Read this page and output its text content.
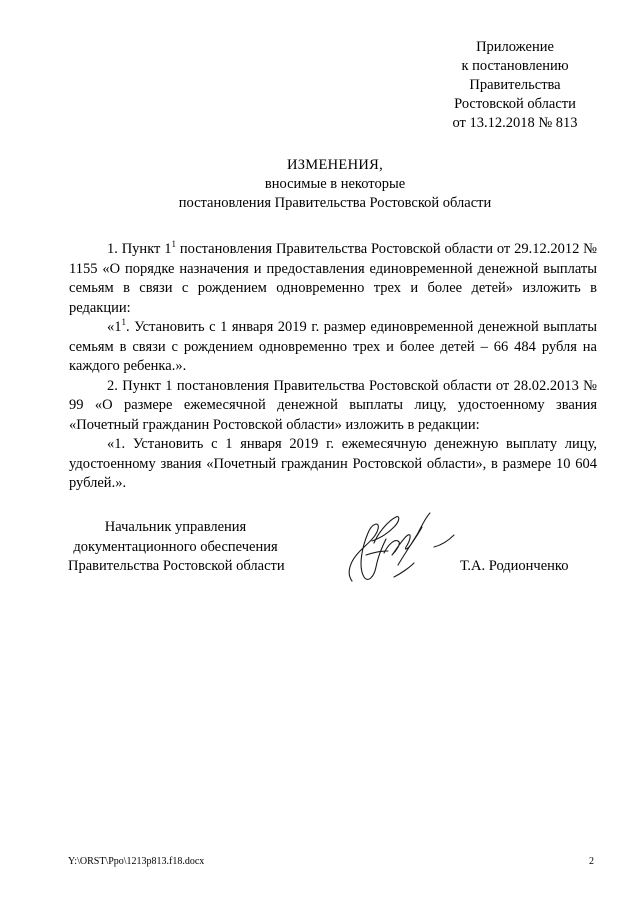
Приложение
к постановлению
Правительства
Ростовской области
от 13.12.2018 № 813
ИЗМЕНЕНИЯ,
вносимые в некоторые
постановления Правительства Ростовской области

1. Пункт $1^1$ постановления Правительства Ростовской области от 29.12.2012 № 1155 «О порядке назначения и предоставления единовременной денежной выплаты семьям в связи с рождением одновременно трех и более детей» изложить в редакции:

«$1^1$. Установить с 1 января 2019 г. размер единовременной денежной выплаты семьям в связи с рождением одновременно трех и более детей – 66 484 рубля на каждого ребенка.».

2. Пункт 1 постановления Правительства Ростовской области от 28.02.2013 № 99 «О размере ежемесячной денежной выплаты лицу, удостоенному звания «Почетный гражданин Ростовской области» изложить в редакции:

«1. Установить с 1 января 2019 г. ежемесячную денежную выплату лицу, удостоенному звания «Почетный гражданин Ростовской области», в размере 10 604 рублей.».

Начальник управления
документационного обеспечения
Правительства Ростовской области	Т.А. Родионченко
Y:\ORST\Ppo\1213p813.f18.docx	2
